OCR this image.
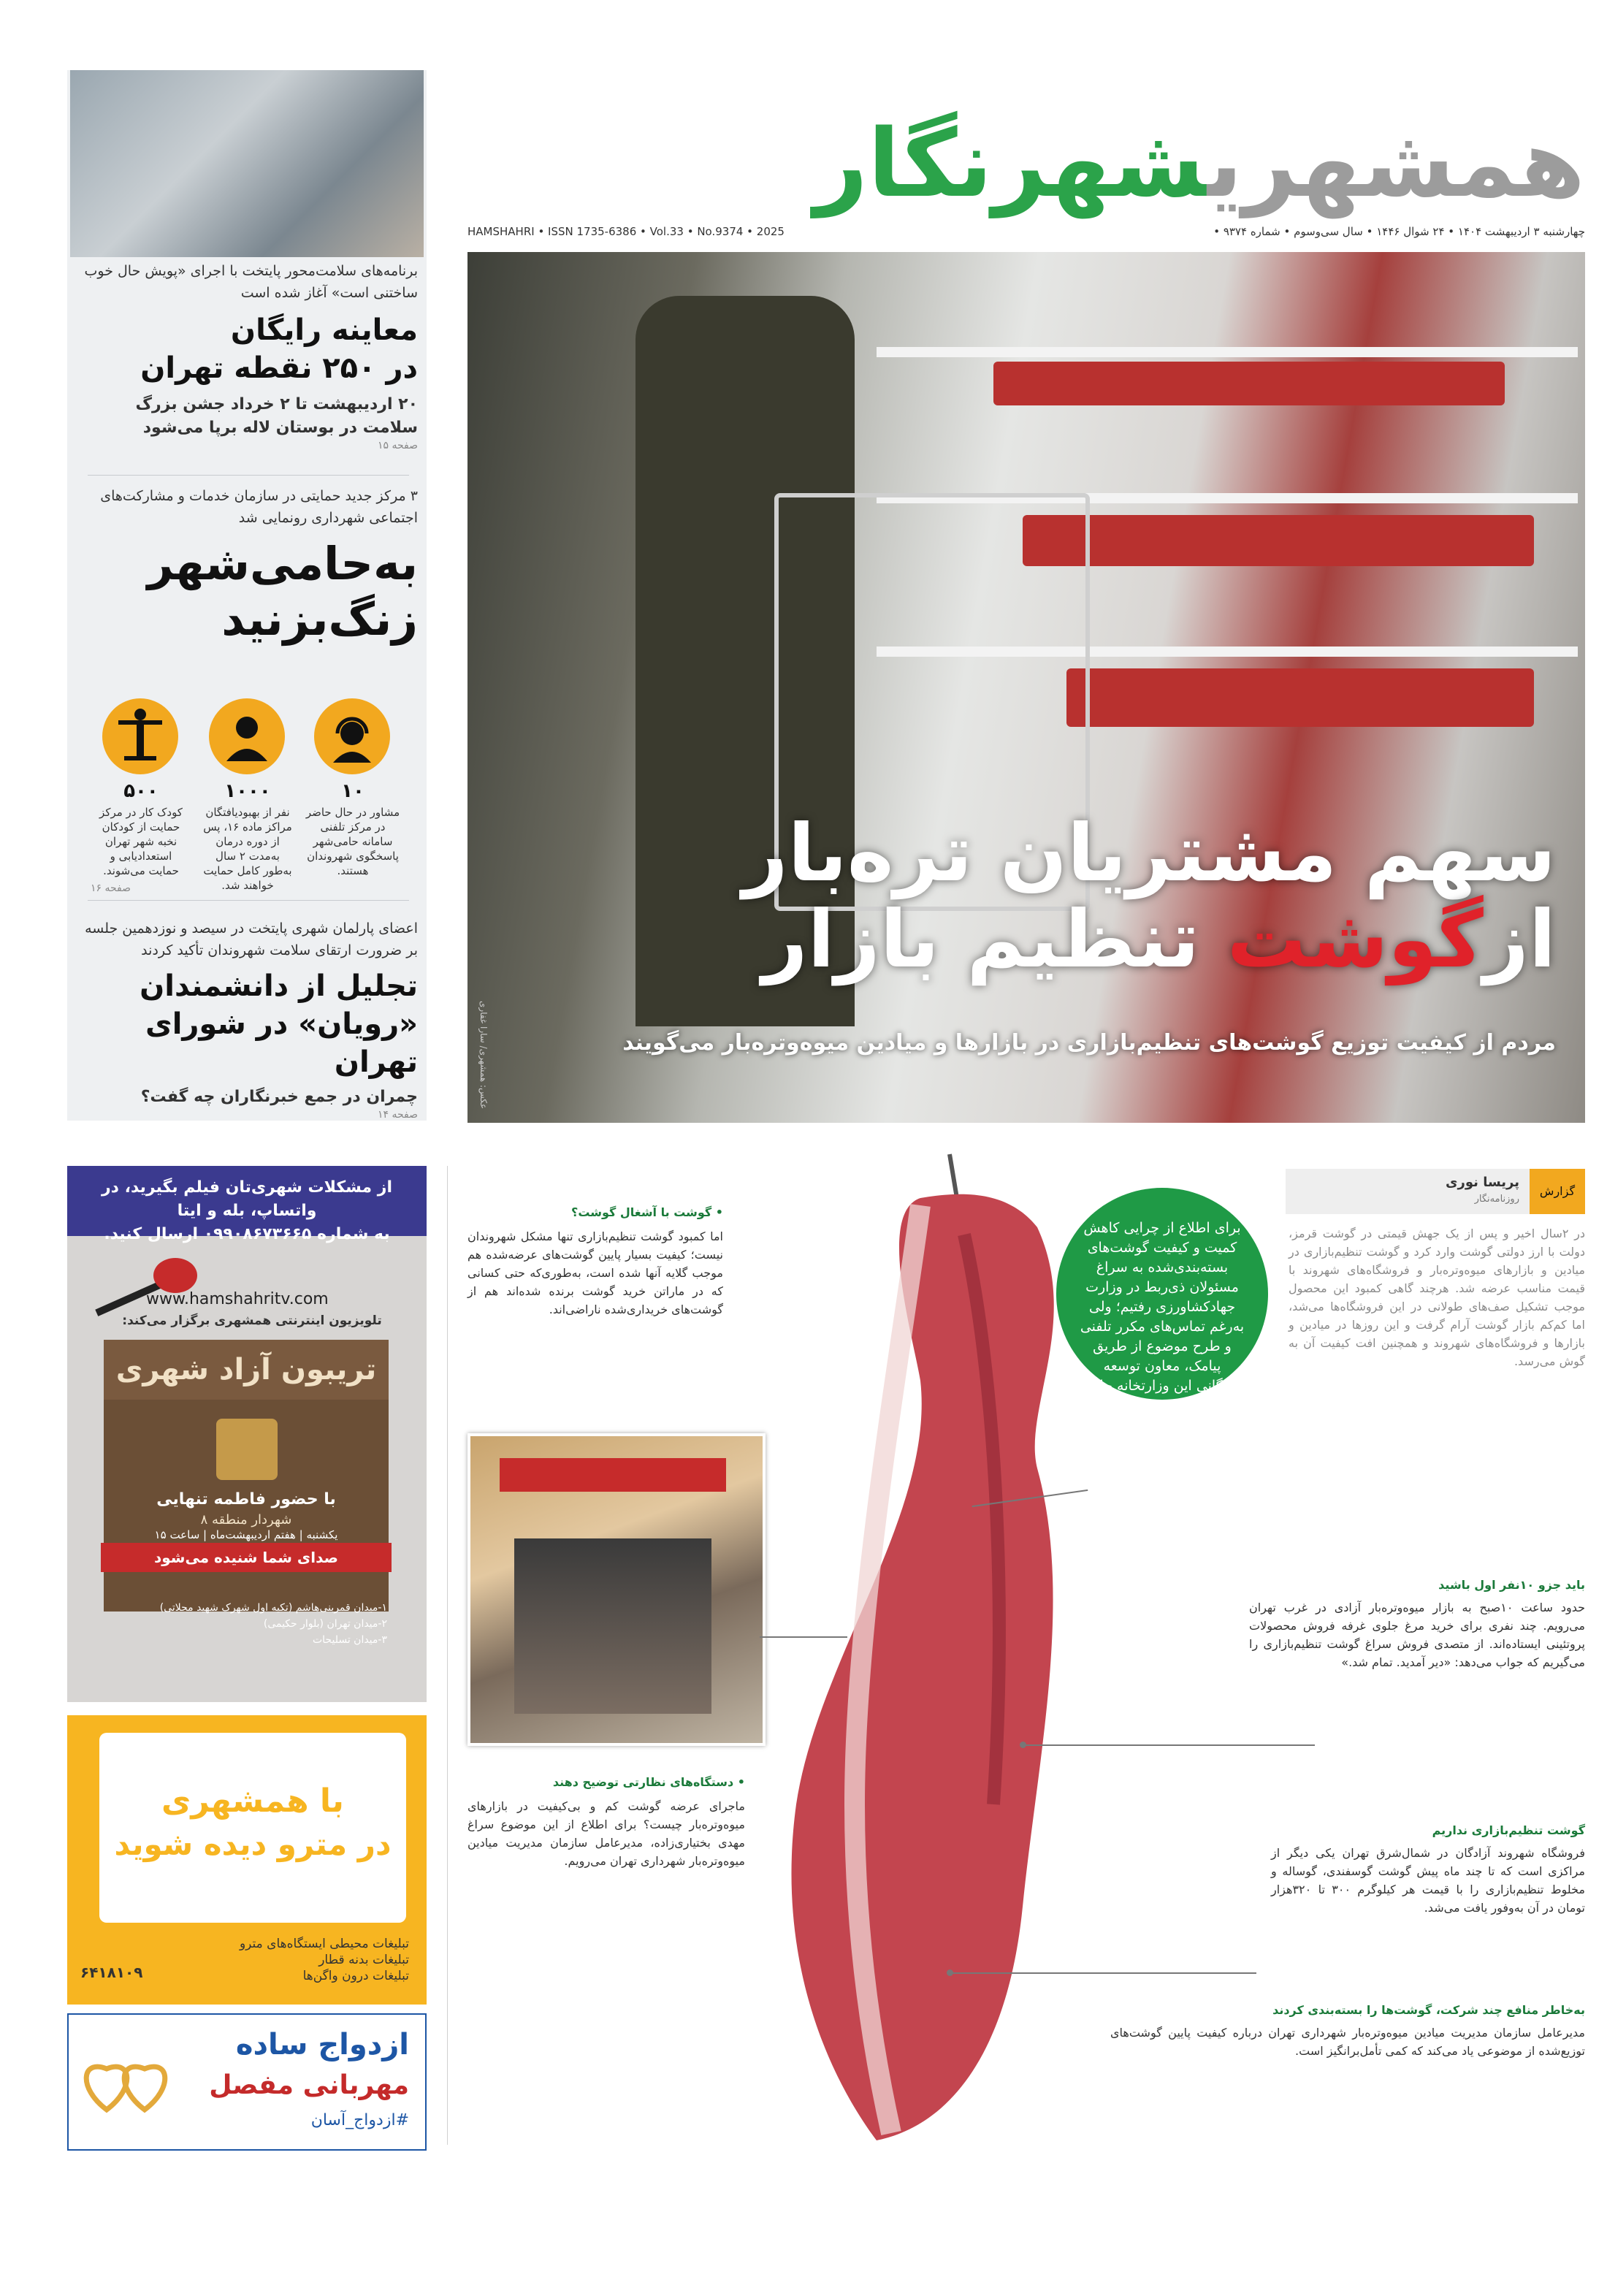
برنامه‌های سلامت‌محور پایتخت با اجرای «پویش حال خوب ساختنی است» آغاز شده است
معاینه رایگان
در ۲۵۰ نقطه تهران
۲۰ اردیبهشت تا ۲ خرداد جشن بزرگ سلامت در بوستان لاله برپا می‌شود
صفحه ۱۵
۳ مرکز جدید حمایتی در سازمان خدمات و مشارکت‌های اجتماعی شهرداری رونمایی شد
به‌حامی‌شهر
زنگ‌بزنید
۱۰
مشاور در حال حاضر در مرکز تلفنی سامانه حامی‌شهر پاسخگوی شهروندان هستند.
۱۰۰۰
نفر از بهبودیافتگان مراکز ماده ۱۶، پس از دوره درمان به‌مدت ۲ سال به‌طور کامل حمایت خواهند شد.
۵۰۰
کودک کار در مرکز حمایت از کودکان نخبه شهر تهران استعدادیابی و حمایت می‌شوند.
صفحه ۱۶
اعضای پارلمان شهری پایتخت در سیصد و نوزدهمین جلسه بر ضرورت ارتقای سلامت شهروندان تأکید کردند
تجلیل از دانشمندان
«رویان» در شورای تهران
چمران در جمع خبرنگاران چه گفت؟
صفحه ۱۴
همشهریشهرنگار
چهارشنبه ۳ اردیبهشت ۱۴۰۴ • ۲۴ شوال ۱۴۴۶ • سال سی‌وسوم • شماره ۹۳۷۴ •
HAMSHAHRI • ISSN 1735-6386 • Vol.33 • No.9374 • 2025
سهم مشتریان تره‌بار
ازگوشت تنظیم بازار
مردم از کیفیت توزیع گوشت‌های تنظیم‌بازاری در بازارها و میادین میوه‌وتره‌بار می‌گویند
عکس: همشهری/ سارا غفاری
از مشکلات شهری‌تان فیلم بگیرید، در واتساپ، بله و ایتا
به شماره ۰۹۹۰۸۶۷۳۶۶۵ ارسال کنید.
www.hamshahritv.com
تلویزیون اینترنتی همشهری برگزار می‌کند:
تریبون آزاد شهری
با حضور فاطمه تنهایی
شهردار منطقه ۸
یکشنبه | هفتم اردیبهشت‌ماه | ساعت ۱۵
صدای شما شنیده می‌شود
۱-میدان قمربنی‌هاشم (تکیه اول شهرک شهید محلاتی)
۲-میدان تهران (بلوار حکیمی)
۳-میدان تسلیحات
با همشهری
در مترو دیده شوید
تبلیغات محیطی ایستگاه‌های مترو
تبلیغات بدنه قطار
تبلیغات درون واگن‌ها
۶۴۱۸۱۰۹
ازدواج ساده
مهربانی مفصل
#ازدواج_آسان
گزارش
پریسا نوری
روزنامه‌نگار
در ۲سال اخیر و پس از یک جهش قیمتی در گوشت قرمز، دولت با ارز دولتی گوشت وارد کرد و گوشت تنظیم‌بازاری در میادین و بازارهای میوه‌وتره‌بار و فروشگاه‌های شهروند با قیمت مناسب عرضه شد. هرچند گاهی کمبود این محصول موجب تشکیل صف‌های طولانی در این فروشگاه‌ها می‌شد، اما کم‌کم بازار گوشت آرام گرفت و این روزها در میادین و بازارها و فروشگاه‌های شهروند و همچنین افت کیفیت آن به گوش می‌رسد.
برای اطلاع از چرایی کاهش کمیت و کیفیت گوشت‌های بسته‌بندی‌شده به سراغ مسئولان ذی‌ربط در وزارت جهادکشاورزی رفتیم؛ ولی به‌رغم تماس‌های مکرر تلفنی و طرح موضوع از طریق پیامک، معاون توسعه بازرگانی این وزارتخانه حاضر به پاسخگویی در این باره نشد.
• گوشت با آشغال گوشت؟
اما کمبود گوشت تنظیم‌بازاری تنها مشکل شهروندان نیست؛ کیفیت بسیار پایین گوشت‌های عرضه‌شده هم موجب گلایه آنها شده است، به‌طوری‌که حتی کسانی که در ماراتن خرید گوشت برنده شده‌اند هم از گوشت‌های خریداری‌شده ناراضی‌اند.
باید جزو ۱۰نفر اول باشید
حدود ساعت ۱۰صبح به بازار میوه‌وتره‌بار آزادی در غرب تهران می‌رویم. چند نفری برای خرید مرغ جلوی غرفه فروش محصولات پروتئینی ایستاده‌اند. از متصدی فروش سراغ گوشت تنظیم‌بازاری را می‌گیریم که جواب می‌دهد: «دیر آمدید. تمام شد.»
• دستگاه‌های نظارتی توضیح دهند
ماجرای عرضه گوشت کم و بی‌کیفیت در بازارهای میوه‌وتره‌بار چیست؟ برای اطلاع از این موضوع سراغ مهدی بختیاری‌زاده، مدیرعامل سازمان مدیریت میادین میوه‌وتره‌بار شهرداری تهران می‌رویم.
گوشت تنظیم‌بازاری نداریم
فروشگاه شهروند آزادگان در شمال‌شرق تهران یکی دیگر از مراکزی است که تا چند ماه پیش گوشت گوسفندی، گوساله و مخلوط تنظیم‌بازاری را با قیمت هر کیلوگرم ۳۰۰ تا ۳۲۰هزار تومان در آن به‌وفور یافت می‌شد.
به‌خاطر منافع چند شرکت، گوشت‌ها را بسته‌بندی کردند
مدیرعامل سازمان مدیریت میادین میوه‌وتره‌بار شهرداری تهران درباره کیفیت پایین گوشت‌های توزیع‌شده از موضوعی یاد می‌کند که کمی تأمل‌برانگیز است.
